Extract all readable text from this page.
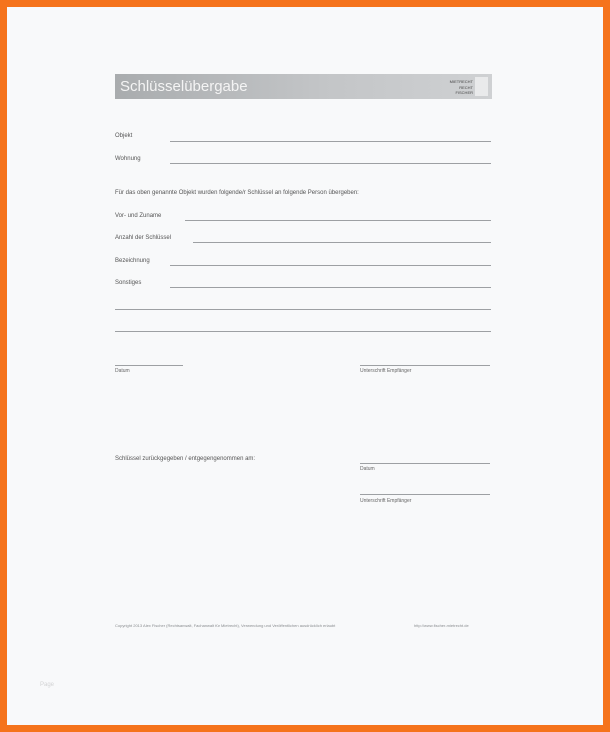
Schlüsselübergabe	MIETRECHT
RECHT
FISCHER
Objekt
Wohnung
Für das oben genannte Objekt wurden folgende/r Schlüssel an folgende Person übergeben:
Vor- und Zuname
Anzahl der Schlüssel
Bezeichnung
Sonstiges
Datum	Unterschrift Empfänger
Schlüssel zurückgegeben / entgegengenommen am:
Datum
Unterschrift Empfänger
Copyright 2013 Alex Fischer (Rechtsanwalt, Fachanwalt für Mietrecht), Verwendung und Veröffentlichen ausdrücklich erlaubt	http://www.fischer-mietrecht.de
Page
